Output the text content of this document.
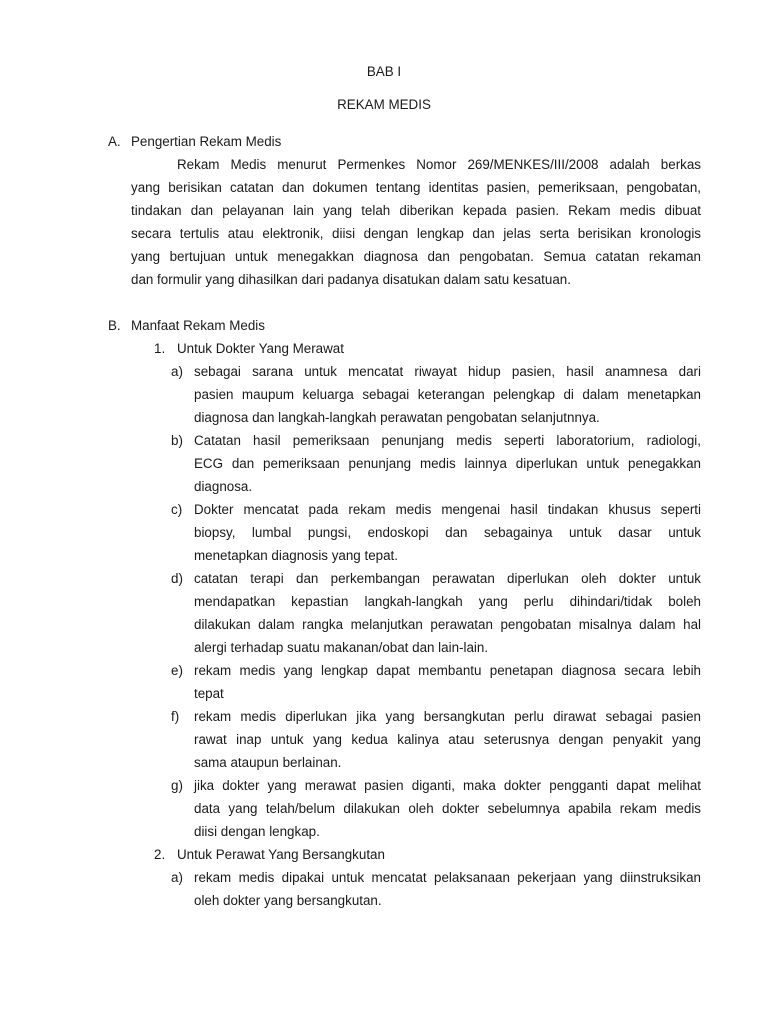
BAB I
REKAM MEDIS
A. Pengertian Rekam Medis
Rekam Medis menurut Permenkes Nomor 269/MENKES/III/2008 adalah berkas
yang berisikan catatan dan dokumen tentang identitas pasien, pemeriksaan, pengobatan,
tindakan dan pelayanan lain yang telah diberikan kepada pasien. Rekam medis dibuat
secara tertulis atau elektronik, diisi dengan lengkap dan jelas serta berisikan kronologis
yang bertujuan untuk menegakkan diagnosa dan pengobatan. Semua catatan rekaman
dan formulir yang dihasilkan dari padanya disatukan dalam satu kesatuan.
B. Manfaat Rekam Medis
1. Untuk Dokter Yang Merawat
a) sebagai sarana untuk mencatat riwayat hidup pasien, hasil anamnesa dari
pasien maupum keluarga sebagai keterangan pelengkap di dalam menetapkan
diagnosa dan langkah-langkah perawatan pengobatan selanjutnnya.
b) Catatan hasil pemeriksaan penunjang medis seperti laboratorium, radiologi,
ECG dan pemeriksaan penunjang medis lainnya diperlukan untuk penegakkan
diagnosa.
c) Dokter mencatat pada rekam medis mengenai hasil tindakan khusus seperti
biopsy, lumbal pungsi, endoskopi dan sebagainya untuk dasar untuk
menetapkan diagnosis yang tepat.
d) catatan terapi dan perkembangan perawatan diperlukan oleh dokter untuk
mendapatkan kepastian langkah-langkah yang perlu dihindari/tidak boleh
dilakukan dalam rangka melanjutkan perawatan pengobatan misalnya dalam hal
alergi terhadap suatu makanan/obat dan lain-lain.
e) rekam medis yang lengkap dapat membantu penetapan diagnosa secara lebih
tepat
f) rekam medis diperlukan jika yang bersangkutan perlu dirawat sebagai pasien
rawat inap untuk yang kedua kalinya atau seterusnya dengan penyakit yang
sama ataupun berlainan.
g) jika dokter yang merawat pasien diganti, maka dokter pengganti dapat melihat
data yang telah/belum dilakukan oleh dokter sebelumnya apabila rekam medis
diisi dengan lengkap.
2. Untuk Perawat Yang Bersangkutan
a) rekam medis dipakai untuk mencatat pelaksanaan pekerjaan yang diinstruksikan
oleh dokter yang bersangkutan.
